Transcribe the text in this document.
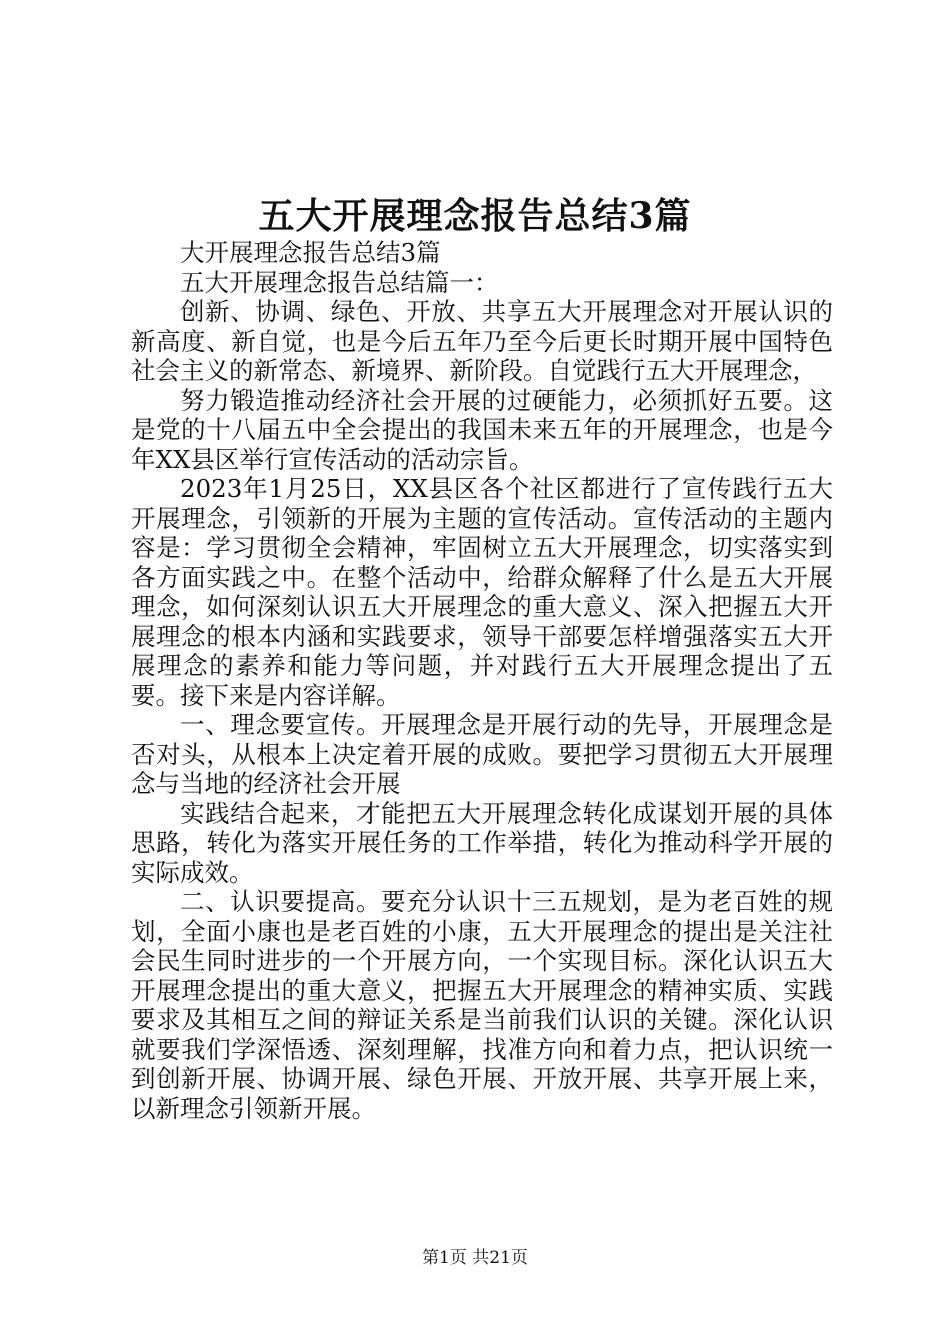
五大开展理念报告总结3篇

大开展理念报告总结3篇

五大开展理念报告总结篇一：

创新、协调、绿色、开放、共享五大开展理念对开展认识的新高度、新自觉，也是今后五年乃至今后更长时期开展中国特色社会主义的新常态、新境界、新阶段。自觉践行五大开展理念，

努力锻造推动经济社会开展的过硬能力，必须抓好五要。这是党的十八届五中全会提出的我国未来五年的开展理念，也是今年XX县区举行宣传活动的活动宗旨。

2023年1月25日，XX县区各个社区都进行了宣传践行五大开展理念，引领新的开展为主题的宣传活动。宣传活动的主题内容是：学习贯彻全会精神，牢固树立五大开展理念，切实落实到各方面实践之中。在整个活动中，给群众解释了什么是五大开展理念，如何深刻认识五大开展理念的重大意义、深入把握五大开展理念的根本内涵和实践要求，领导干部要怎样增强落实五大开展理念的素养和能力等问题，并对践行五大开展理念提出了五要。接下来是内容详解。

一、理念要宣传。开展理念是开展行动的先导，开展理念是否对头，从根本上决定着开展的成败。要把学习贯彻五大开展理念与当地的经济社会开展

实践结合起来，才能把五大开展理念转化成谋划开展的具体思路，转化为落实开展任务的工作举措，转化为推动科学开展的实际成效。

二、认识要提高。要充分认识十三五规划，是为老百姓的规划，全面小康也是老百姓的小康，五大开展理念的提出是关注社会民生同时进步的一个开展方向，一个实现目标。深化认识五大开展理念提出的重大意义，把握五大开展理念的精神实质、实践要求及其相互之间的辩证关系是当前我们认识的关键。深化认识就要我们学深悟透、深刻理解，找准方向和着力点，把认识统一到创新开展、协调开展、绿色开展、开放开展、共享开展上来，以新理念引领新开展。

第1页 共21页
